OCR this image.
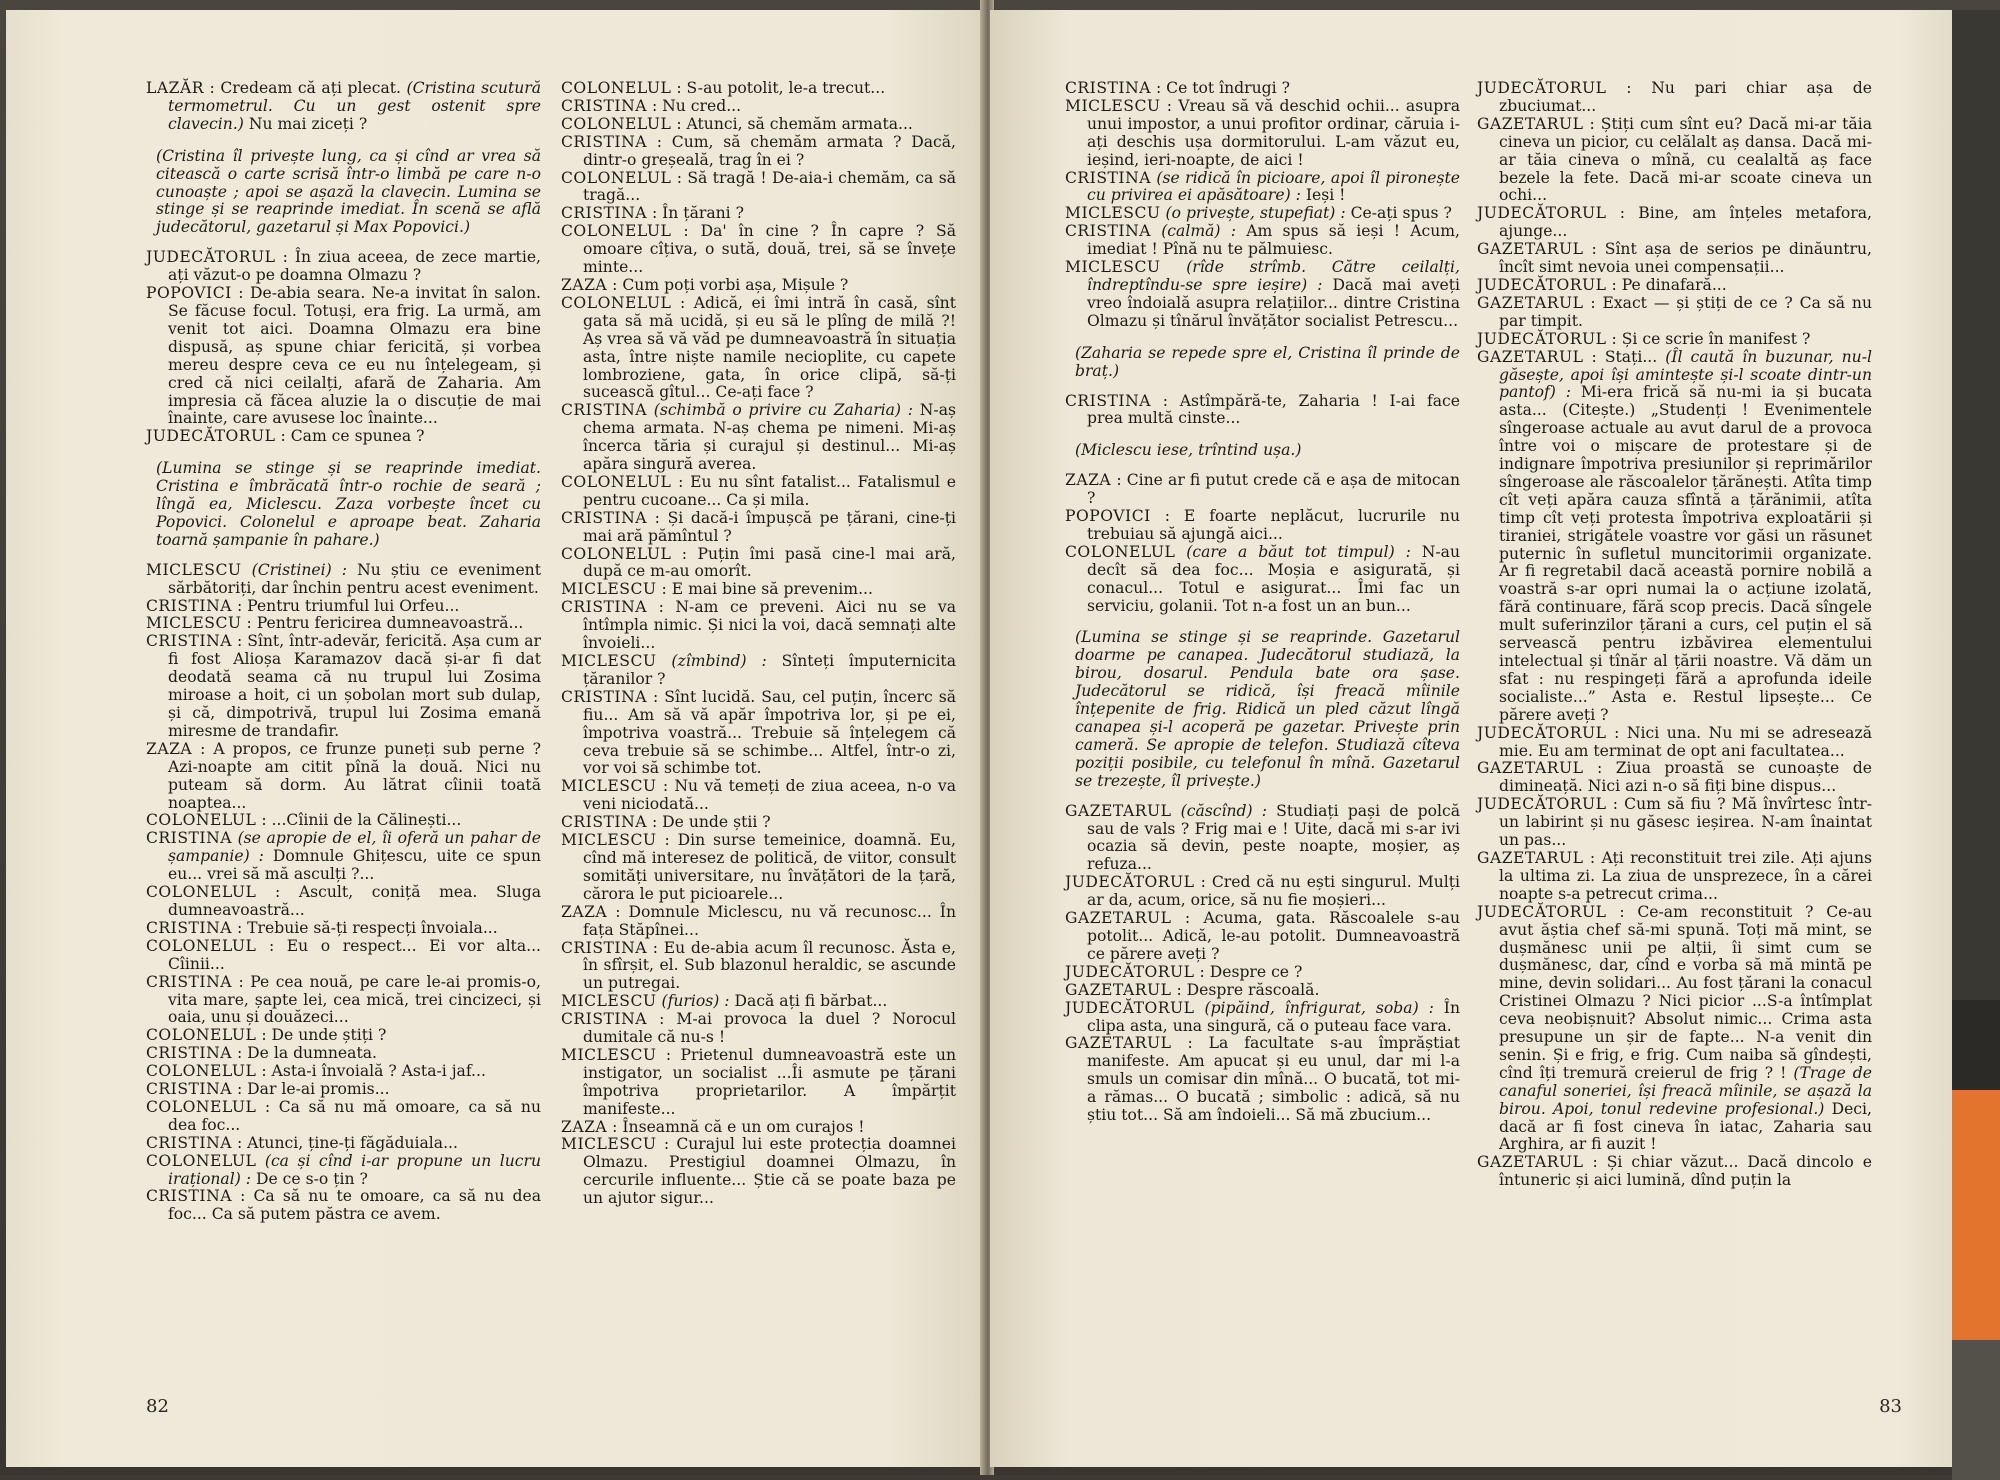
LAZĂR : Credeam că ați plecat. (Cristina scutură termometrul. Cu un gest ostenit spre clavecin.) Nu mai ziceți ?

(Cristina îl privește lung, ca și cînd ar vrea să citească o carte scrisă într-o limbă pe care n-o cunoaște ; apoi se așază la clavecin. Lumina se stinge și se reaprinde imediat. În scenă se află judecătorul, gazetarul și Max Popovici.)

JUDECĂTORUL : În ziua aceea, de zece martie, ați văzut-o pe doamna Olmazu ?

POPOVICI : De-abia seara. Ne-a invitat în salon. Se făcuse focul. Totuși, era frig. La urmă, am venit tot aici. Doamna Olmazu era bine dispusă, aș spune chiar fericită, și vorbea mereu despre ceva ce eu nu înțelegeam, și cred că nici ceilalți, afară de Zaharia. Am impresia că făcea aluzie la o discuție de mai înainte, care avusese loc înainte...

JUDECĂTORUL : Cam ce spunea ?

(Lumina se stinge și se reaprinde imediat. Cristina e îmbrăcată într-o rochie de seară ; lîngă ea, Miclescu. Zaza vorbește încet cu Popovici. Colonelul e aproape beat. Zaharia toarnă șampanie în pahare.)

MICLESCU (Cristinei) : Nu știu ce eveniment sărbătoriți, dar închin pentru acest eveniment.

CRISTINA : Pentru triumful lui Orfeu...

MICLESCU : Pentru fericirea dumneavoastră...

CRISTINA : Sînt, într-adevăr, fericită. Așa cum ar fi fost Alioșa Karamazov dacă și-ar fi dat deodată seama că nu trupul lui Zosima miroase a hoit, ci un șobolan mort sub dulap, și că, dimpotrivă, trupul lui Zosima emană miresme de trandafir.

ZAZA : A propos, ce frunze puneți sub perne ? Azi-noapte am citit pînă la două. Nici nu puteam să dorm. Au lătrat cîinii toată noaptea...

COLONELUL : ...Cîinii de la Călinești...

CRISTINA (se apropie de el, îi oferă un pahar de șampanie) : Domnule Ghițescu, uite ce spun eu... vrei să mă asculți ?...

COLONELUL : Ascult, coniță mea. Sluga dumneavoastră...

CRISTINA : Trebuie să-ți respecți învoiala...

COLONELUL : Eu o respect... Ei vor alta... Cîinii...

CRISTINA : Pe cea nouă, pe care le-ai promis-o, vita mare, șapte lei, cea mică, trei cincizeci, și oaia, unu și douăzeci...

COLONELUL : De unde știți ?

CRISTINA : De la dumneata.

COLONELUL : Asta-i învoială ? Asta-i jaf...

CRISTINA : Dar le-ai promis...

COLONELUL : Ca să nu mă omoare, ca să nu dea foc...

CRISTINA : Atunci, ține-ți făgăduiala...

COLONELUL (ca și cînd i-ar propune un lucru irațional) : De ce s-o țin ?

CRISTINA : Ca să nu te omoare, ca să nu dea foc... Ca să putem păstra ce avem.

COLONELUL : S-au potolit, le-a trecut...

CRISTINA : Nu cred...

COLONELUL : Atunci, să chemăm armata...

CRISTINA : Cum, să chemăm armata ? Dacă, dintr-o greșeală, trag în ei ?

COLONELUL : Să tragă ! De-aia-i chemăm, ca să tragă...

CRISTINA : În țărani ?

COLONELUL : Da' în cine ? În capre ? Să omoare cîțiva, o sută, două, trei, să se învețe minte...

ZAZA : Cum poți vorbi așa, Mișule ?

COLONELUL : Adică, ei îmi intră în casă, sînt gata să mă ucidă, și eu să le plîng de milă ?! Aș vrea să vă văd pe dumneavoastră în situația asta, între niște namile necioplite, cu capete lombroziene, gata, în orice clipă, să-ți sucească gîtul... Ce-ați face ?

CRISTINA (schimbă o privire cu Zaharia) : N-aș chema armata. N-aș chema pe nimeni. Mi-aș încerca tăria și curajul și destinul... Mi-aș apăra singură averea.

COLONELUL : Eu nu sînt fatalist... Fatalismul e pentru cucoane... Ca și mila.

CRISTINA : Și dacă-i împușcă pe țărani, cine-ți mai ară pămîntul ?

COLONELUL : Puțin îmi pasă cine-l mai ară, după ce m-au omorît.

MICLESCU : E mai bine să prevenim...

CRISTINA : N-am ce preveni. Aici nu se va întîmpla nimic. Și nici la voi, dacă semnați alte învoieli...

MICLESCU (zîmbind) : Sînteți împuternicita țăranilor ?

CRISTINA : Sînt lucidă. Sau, cel puțin, încerc să fiu... Am să vă apăr împotriva lor, și pe ei, împotriva voastră... Trebuie să înțelegem că ceva trebuie să se schimbe... Altfel, într-o zi, vor voi să schimbe tot.

MICLESCU : Nu vă temeți de ziua aceea, n-o va veni niciodată...

CRISTINA : De unde știi ?

MICLESCU : Din surse temeinice, doamnă. Eu, cînd mă interesez de politică, de viitor, consult somități universitare, nu învățători de la țară, cărora le put picioarele...

ZAZA : Domnule Miclescu, nu vă recunosc... În fața Stăpînei...

CRISTINA : Eu de-abia acum îl recunosc. Ăsta e, în sfîrșit, el. Sub blazonul heraldic, se ascunde un putregai.

MICLESCU (furios) : Dacă ați fi bărbat...

CRISTINA : M-ai provoca la duel ? Norocul dumitale că nu-s !

MICLESCU : Prietenul dumneavoastră este un instigator, un socialist ...Îi asmute pe țărani împotriva proprietarilor. A împărțit manifeste...

ZAZA : Înseamnă că e un om curajos !

MICLESCU : Curajul lui este protecția doamnei Olmazu. Prestigiul doamnei Olmazu, în cercurile influente... Știe că se poate baza pe un ajutor sigur...

82

CRISTINA : Ce tot îndrugi ?

MICLESCU : Vreau să vă deschid ochii... asupra unui impostor, a unui profitor ordinar, căruia i-ați deschis ușa dormitorului. L-am văzut eu, ieșind, ieri-noapte, de aici !

CRISTINA (se ridică în picioare, apoi îl pironește cu privirea ei apăsătoare) : Ieși !

MICLESCU (o privește, stupefiat) : Ce-ați spus ?

CRISTINA (calmă) : Am spus să ieși ! Acum, imediat ! Pînă nu te pălmuiesc.

MICLESCU (rîde strîmb. Către ceilalți, îndreptîndu-se spre ieșire) : Dacă mai aveți vreo îndoială asupra relațiilor... dintre Cristina Olmazu și tînărul învățător socialist Petrescu...

(Zaharia se repede spre el, Cristina îl prinde de braț.)

CRISTINA : Astîmpără-te, Zaharia ! I-ai face prea multă cinste...

(Miclescu iese, trîntind ușa.)

ZAZA : Cine ar fi putut crede că e așa de mitocan ?

POPOVICI : E foarte neplăcut, lucrurile nu trebuiau să ajungă aici...

COLONELUL (care a băut tot timpul) : N-au decît să dea foc... Moșia e asigurată, și conacul... Totul e asigurat... Îmi fac un serviciu, golanii. Tot n-a fost un an bun...

(Lumina se stinge și se reaprinde. Gazetarul doarme pe canapea. Judecătorul studiază, la birou, dosarul. Pendula bate ora șase. Judecătorul se ridică, își freacă mîinile înțepenite de frig. Ridică un pled căzut lîngă canapea și-l acoperă pe gazetar. Privește prin cameră. Se apropie de telefon. Studiază cîteva poziții posibile, cu telefonul în mînă. Gazetarul se trezește, îl privește.)

GAZETARUL (căscînd) : Studiați pași de polcă sau de vals ? Frig mai e ! Uite, dacă mi s-ar ivi ocazia să devin, peste noapte, moșier, aș refuza...

JUDECĂTORUL : Cred că nu ești singurul. Mulți ar da, acum, orice, să nu fie moșieri...

GAZETARUL : Acuma, gata. Răscoalele s-au potolit... Adică, le-au potolit. Dumneavoastră ce părere aveți ?

JUDECĂTORUL : Despre ce ?

GAZETARUL : Despre răscoală.

JUDECĂTORUL (pipăind, înfrigurat, soba) : În clipa asta, una singură, că o puteau face vara.

GAZETARUL : La facultate s-au împrăștiat manifeste. Am apucat și eu unul, dar mi l-a smuls un comisar din mînă... O bucată, tot mi-a rămas... O bucată ; simbolic : adică, să nu știu tot... Să am îndoieli... Să mă zbucium...

JUDECĂTORUL : Nu pari chiar așa de zbuciumat...

GAZETARUL : Știți cum sînt eu? Dacă mi-ar tăia cineva un picior, cu celălalt aș dansa. Dacă mi-ar tăia cineva o mînă, cu cealaltă aș face bezele la fete. Dacă mi-ar scoate cineva un ochi...

JUDECĂTORUL : Bine, am înțeles metafora, ajunge...

GAZETARUL : Sînt așa de serios pe dinăuntru, încît simt nevoia unei compensații...

JUDECĂTORUL : Pe dinafară...

GAZETARUL : Exact — și știți de ce ? Ca să nu par timpit.

JUDECĂTORUL : Și ce scrie în manifest ?

GAZETARUL : Stați... (Îl caută în buzunar, nu-l găsește, apoi își amintește și-l scoate dintr-un pantof) : Mi-era frică să nu-mi ia și bucata asta... (Citește.) „Studenți ! Evenimentele sîngeroase actuale au avut darul de a provoca între voi o mișcare de protestare și de indignare împotriva presiunilor și reprimărilor sîngeroase ale răscoalelor țărănești. Atîta timp cît veți apăra cauza sfîntă a țărănimii, atîta timp cît veți protesta împotriva exploatării și tiraniei, strigătele voastre vor găsi un răsunet puternic în sufletul muncitorimii organizate. Ar fi regretabil dacă această pornire nobilă a voastră s-ar opri numai la o acțiune izolată, fără continuare, fără scop precis. Dacă sîngele mult suferinzilor țărani a curs, cel puțin el să servească pentru izbăvirea elementului intelectual și tînăr al țării noastre. Vă dăm un sfat : nu respingeți fără a aprofunda ideile socialiste...” Asta e. Restul lipsește... Ce părere aveți ?

JUDECĂTORUL : Nici una. Nu mi se adresează mie. Eu am terminat de opt ani facultatea...

GAZETARUL : Ziua proastă se cunoaște de dimineață. Nici azi n-o să fiți bine dispus...

JUDECĂTORUL : Cum să fiu ? Mă învîrtesc într-un labirint și nu găsesc ieșirea. N-am înaintat un pas...

GAZETARUL : Ați reconstituit trei zile. Ați ajuns la ultima zi. La ziua de unsprezece, în a cărei noapte s-a petrecut crima...

JUDECĂTORUL : Ce-am reconstituit ? Ce-au avut ăștia chef să-mi spună. Toți mă mint, se dușmănesc unii pe alții, îi simt cum se dușmănesc, dar, cînd e vorba să mă mintă pe mine, devin solidari... Au fost țărani la conacul Cristinei Olmazu ? Nici picior ...S-a întîmplat ceva neobișnuit? Absolut nimic... Crima asta presupune un șir de fapte... N-a venit din senin. Și e frig, e frig. Cum naiba să gîndești, cînd îți tremură creierul de frig ? ! (Trage de canaful soneriei, își freacă mîinile, se așază la birou. Apoi, tonul redevine profesional.) Deci, dacă ar fi fost cineva în iatac, Zaharia sau Arghira, ar fi auzit !

GAZETARUL : Și chiar văzut... Dacă dincolo e întuneric și aici lumină, dînd puțin la

83
